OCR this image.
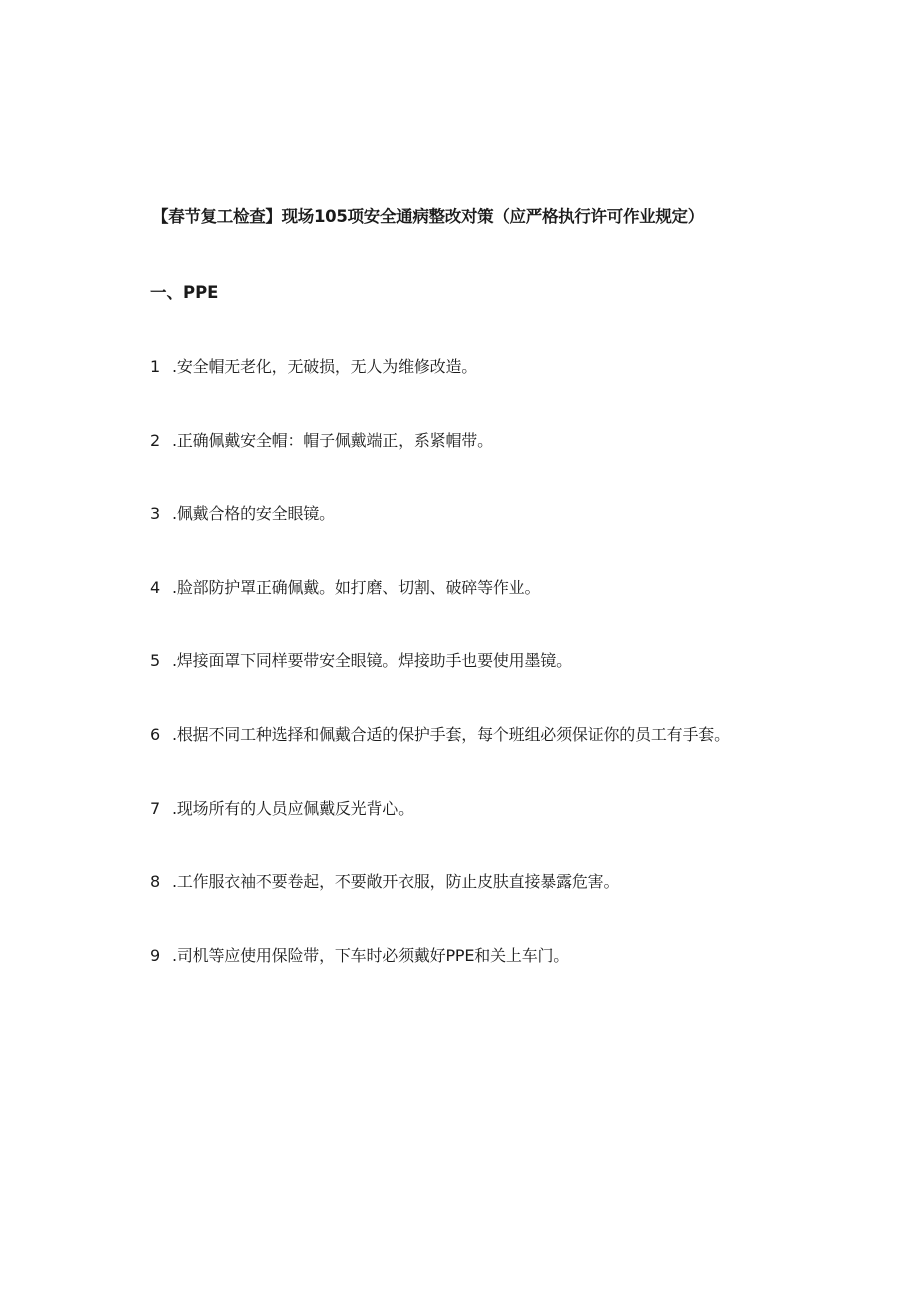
【春节复工检查】现场105项安全通病整改对策（应严格执行许可作业规定）
一、PPE
1 .安全帽无老化，无破损，无人为维修改造。
2 .正确佩戴安全帽：帽子佩戴端正，系紧帽带。
3 .佩戴合格的安全眼镜。
4 .脸部防护罩正确佩戴。如打磨、切割、破碎等作业。
5 .焊接面罩下同样要带安全眼镜。焊接助手也要使用墨镜。
6 .根据不同工种选择和佩戴合适的保护手套，每个班组必须保证你的员工有手套。
7 .现场所有的人员应佩戴反光背心。
8 .工作服衣袖不要卷起，不要敞开衣服，防止皮肤直接暴露危害。
9 .司机等应使用保险带，下车时必须戴好PPE和关上车门。
